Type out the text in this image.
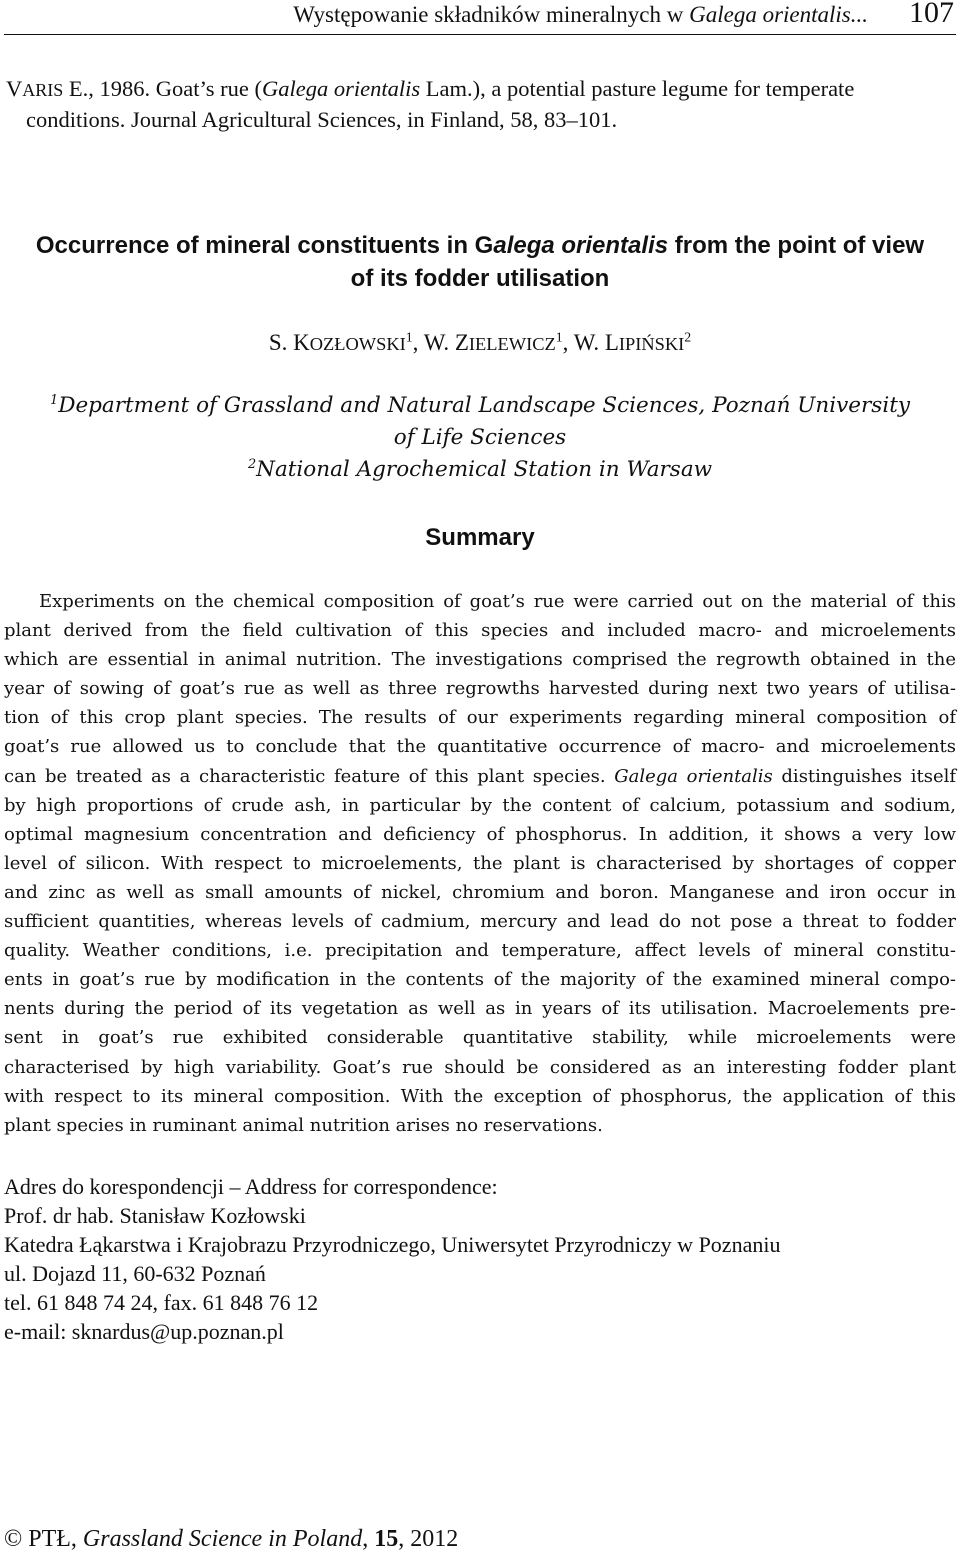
Występowanie składników mineralnych w Galega orientalis... 107
VARIS E., 1986. Goat’s rue (Galega orientalis Lam.), a potential pasture legume for temperate
conditions. Journal Agricultural Sciences, in Finland, 58, 83–101.
Occurrence of mineral constituents in Galega orientalis from the point of view
of its fodder utilisation
S. KOZŁOWSKI$^1$, W. ZIELEWICZ$^1$, W. LIPIŃSKI$^2$
$^1$Department of Grassland and Natural Landscape Sciences, Poznań University
of Life Sciences
$^2$National Agrochemical Station in Warsaw
Summary
Experiments on the chemical composition of goat’s rue were carried out on the material of this
plant derived from the field cultivation of this species and included macro- and microelements
which are essential in animal nutrition. The investigations comprised the regrowth obtained in the
year of sowing of goat’s rue as well as three regrowths harvested during next two years of utilisa-
tion of this crop plant species. The results of our experiments regarding mineral composition of
goat’s rue allowed us to conclude that the quantitative occurrence of macro- and microelements
can be treated as a characteristic feature of this plant species. Galega orientalis distinguishes itself
by high proportions of crude ash, in particular by the content of calcium, potassium and sodium,
optimal magnesium concentration and deficiency of phosphorus. In addition, it shows a very low
level of silicon. With respect to microelements, the plant is characterised by shortages of copper
and zinc as well as small amounts of nickel, chromium and boron. Manganese and iron occur in
sufficient quantities, whereas levels of cadmium, mercury and lead do not pose a threat to fodder
quality. Weather conditions, i.e. precipitation and temperature, affect levels of mineral constitu-
ents in goat’s rue by modification in the contents of the majority of the examined mineral compo-
nents during the period of its vegetation as well as in years of its utilisation. Macroelements pre-
sent in goat’s rue exhibited considerable quantitative stability, while microelements were
characterised by high variability. Goat’s rue should be considered as an interesting fodder plant
with respect to its mineral composition. With the exception of phosphorus, the application of this
plant species in ruminant animal nutrition arises no reservations.
Adres do korespondencji – Address for correspondence:
Prof. dr hab. Stanisław Kozłowski
Katedra Łąkarstwa i Krajobrazu Przyrodniczego, Uniwersytet Przyrodniczy w Poznaniu
ul. Dojazd 11, 60-632 Poznań
tel. 61 848 74 24, fax. 61 848 76 12
e-mail: sknardus@up.poznan.pl
© PTŁ, Grassland Science in Poland, 15, 2012
